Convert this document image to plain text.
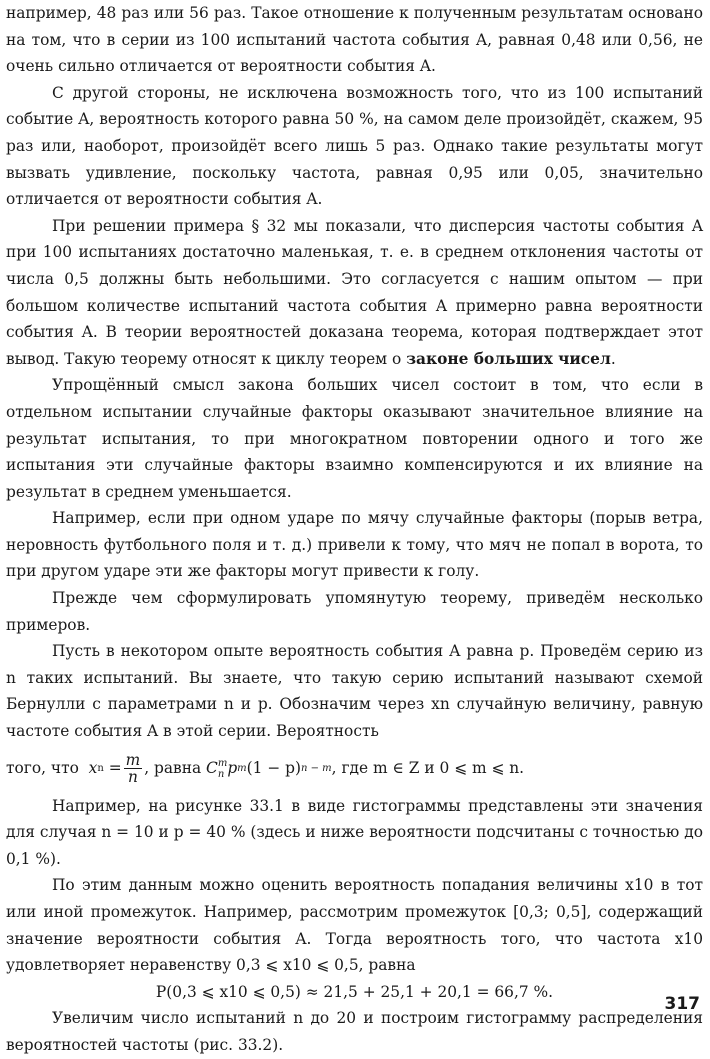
например, 48 раз или 56 раз. Такое отношение к полученным результатам основано на том, что в серии из 100 испытаний частота события A, равная 0,48 или 0,56, не очень сильно отличается от вероятности события A.

С другой стороны, не исключена возможность того, что из 100 испытаний событие A, вероятность которого равна 50 %, на самом деле произойдёт, скажем, 95 раз или, наоборот, произойдёт всего лишь 5 раз. Однако такие результаты могут вызвать удивление, поскольку частота, равная 0,95 или 0,05, значительно отличается от вероятности события A.

При решении примера § 32 мы показали, что дисперсия частоты события A при 100 испытаниях достаточно маленькая, т. е. в среднем отклонения частоты от числа 0,5 должны быть небольшими. Это согласуется с нашим опытом — при большом количестве испытаний частота события A примерно равна вероятности события A. В теории вероятностей доказана теорема, которая подтверждает этот вывод. Такую теорему относят к циклу теорем о законе больших чисел.

Упрощённый смысл закона больших чисел состоит в том, что если в отдельном испытании случайные факторы оказывают значительное влияние на результат испытания, то при многократном повторении одного и того же испытания эти случайные факторы взаимно компенсируются и их влияние на результат в среднем уменьшается.

Например, если при одном ударе по мячу случайные факторы (порыв ветра, неровность футбольного поля и т. д.) привели к тому, что мяч не попал в ворота, то при другом ударе эти же факторы могут привести к голу.

Прежде чем сформулировать упомянутую теорему, приведём несколько примеров.

Пусть в некотором опыте вероятность события A равна p. Проведём серию из n таких испытаний. Вы знаете, что такую серию испытаний называют схемой Бернулли с параметрами n и p. Обозначим через xn случайную величину, равную частоте события A в этой серии. Вероятность

того, что
x n
= $\frac{m}{n}$ , равна
C m
n p m (1 − p) n − m , где m ∈ Z и 0 ⩽ m ⩽ n.

Например, на рисунке 33.1 в виде гистограммы представлены эти значения для случая n = 10 и p = 40 % (здесь и ниже вероятности подсчитаны с точностью до 0,1 %).

По этим данным можно оценить вероятность попадания величины x10 в тот или иной промежуток. Например, рассмотрим промежуток [0,3; 0,5], содержащий значение вероятности события A. Тогда вероятность того, что частота x10 удовлетворяет неравенству 0,3 ⩽ x10 ⩽ 0,5, равна

P(0,3 ⩽ x10 ⩽ 0,5) ≈ 21,5 + 25,1 + 20,1 = 66,7 %.

Увеличим число испытаний n до 20 и построим гистограмму распределения вероятностей частоты (рис. 33.2).

317
